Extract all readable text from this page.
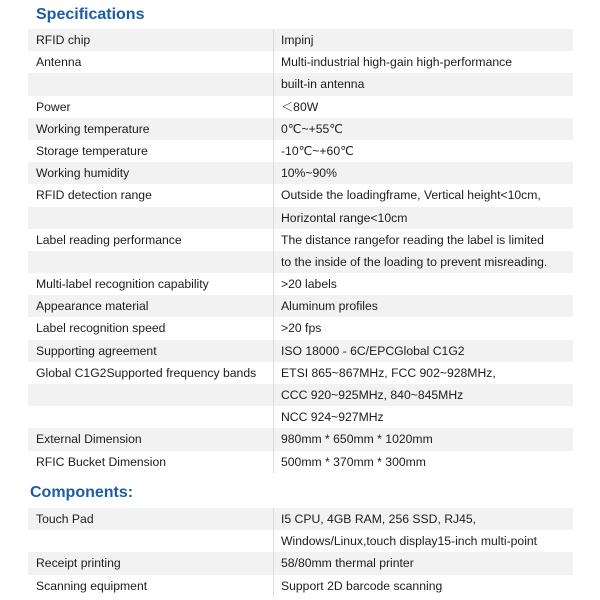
Specifications
RFID chip	Impinj
Antenna	Multi-industrial high-gain high-performance
built-in antenna
Power	＜80W
Working temperature	0℃~+55℃
Storage temperature	-10℃~+60℃
Working humidity	10%~90%
RFID detection range	Outside the loadingframe, Vertical height<10cm,
Horizontal range<10cm
Label reading performance	The distance rangefor reading the label is limited
to the inside of the loading to prevent misreading.
Multi-label recognition capability	>20 labels
Appearance material	Aluminum profiles
Label recognition speed	>20 fps
Supporting agreement	ISO 18000 - 6C/EPCGlobal C1G2
Global C1G2Supported frequency bands	ETSI 865~867MHz, FCC 902~928MHz,
CCC 920~925MHz, 840~845MHz
NCC 924~927MHz
External Dimension	980mm * 650mm * 1020mm
RFIC Bucket Dimension	500mm * 370mm * 300mm
Components:
Touch Pad	I5 CPU, 4GB RAM, 256 SSD, RJ45,
Windows/Linux,touch display15-inch multi-point
Receipt printing	58/80mm thermal printer
Scanning equipment	Support 2D barcode scanning
